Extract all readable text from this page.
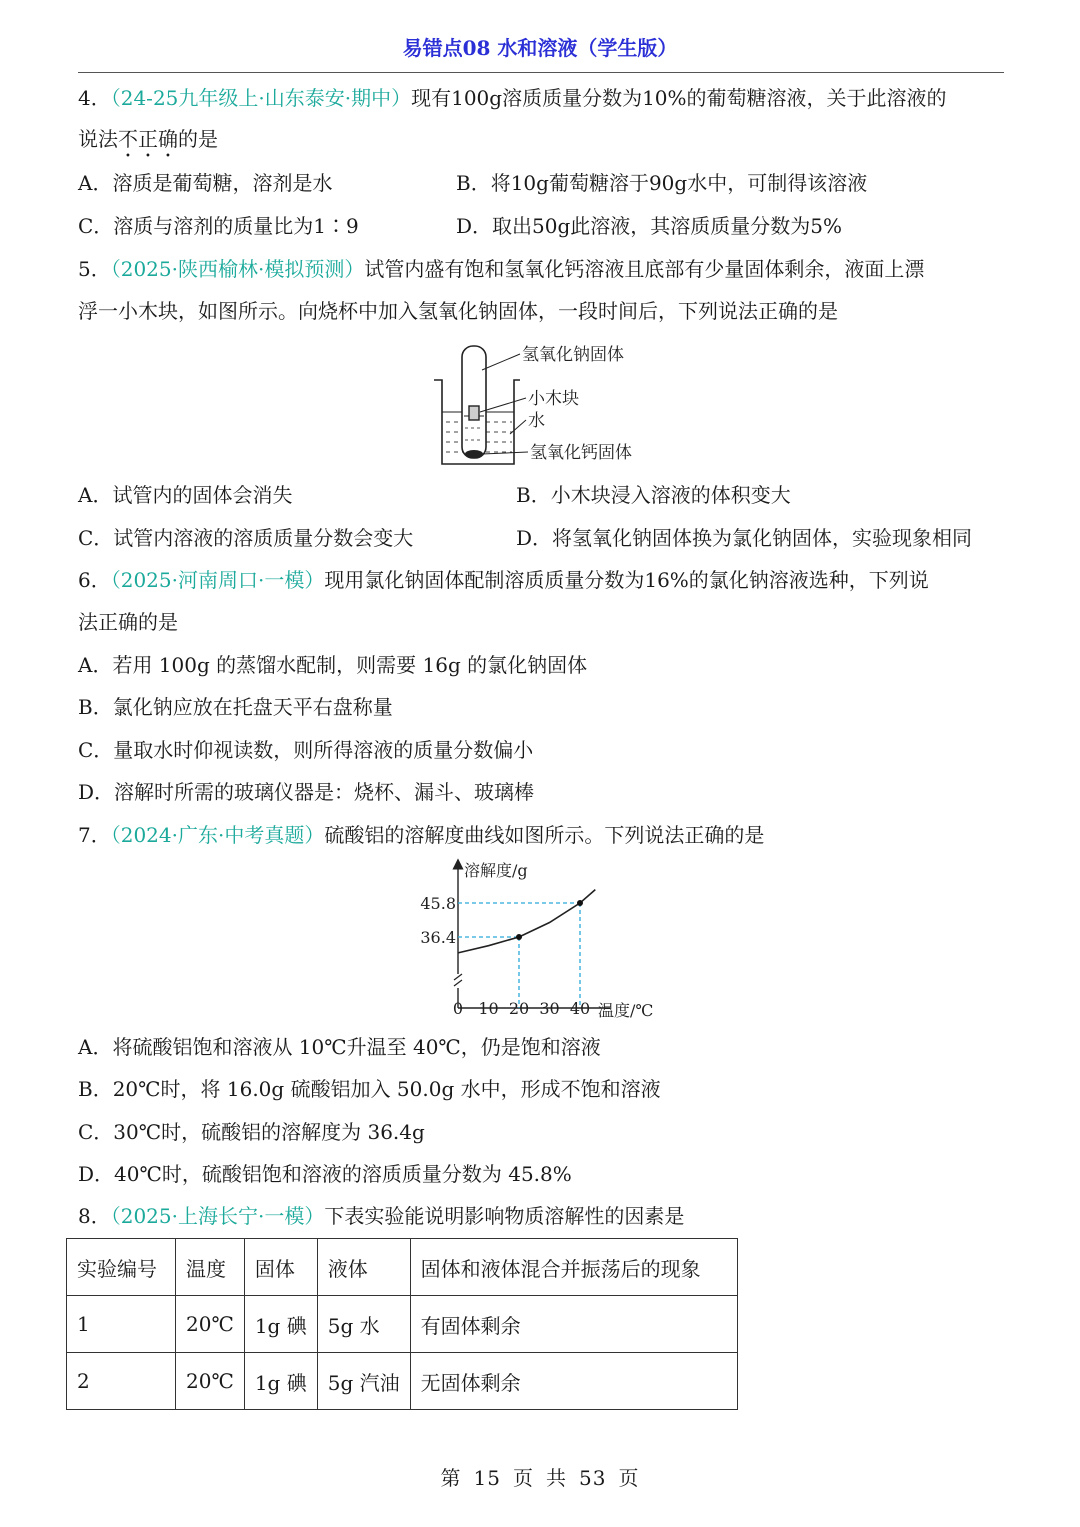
易错点08 水和溶液（学生版）
4．（24-25九年级上·山东泰安·期中）现有100g溶质质量分数为10%的葡萄糖溶液，关于此溶液的
说法不正确的是
A．溶质是葡萄糖，溶剂是水	B．将10g葡萄糖溶于90g水中，可制得该溶液
C．溶质与溶剂的质量比为1∶9	D．取出50g此溶液，其溶质质量分数为5%
5．（2025·陕西榆林·模拟预测）试管内盛有饱和氢氧化钙溶液且底部有少量固体剩余，液面上漂
浮一小木块，如图所示。向烧杯中加入氢氧化钠固体，一段时间后，下列说法正确的是
氢氧化钠固体
小木块
水
氢氧化钙固体
A．试管内的固体会消失	B．小木块浸入溶液的体积变大
C．试管内溶液的溶质质量分数会变大	D．将氢氧化钠固体换为氯化钠固体，实验现象相同
6．（2025·河南周口·一模）现用氯化钠固体配制溶质质量分数为16%的氯化钠溶液选种，下列说
法正确的是
A．若用 100g 的蒸馏水配制，则需要 16g 的氯化钠固体
B．氯化钠应放在托盘天平右盘称量
C．量取水时仰视读数，则所得溶液的质量分数偏小
D．溶解时所需的玻璃仪器是：烧杯、漏斗、玻璃棒
7．（2024·广东·中考真题）硫酸铝的溶解度曲线如图所示。下列说法正确的是
溶解度/g
温度/℃
0 10 20 30 40
36.4
45.8
A．将硫酸铝饱和溶液从 10℃升温至 40℃，仍是饱和溶液
B．20℃时，将 16.0g 硫酸铝加入 50.0g 水中，形成不饱和溶液
C．30℃时，硫酸铝的溶解度为 36.4g
D．40℃时，硫酸铝饱和溶液的溶质质量分数为 45.8%
8．（2025·上海长宁·一模）下表实验能说明影响物质溶解性的因素是
实验编号	温度	固体	液体	固体和液体混合并振荡后的现象
1	20℃	1g 碘	5g 水	有固体剩余
2	20℃	1g 碘	5g 汽油	无固体剩余
第 15 页 共 53 页
